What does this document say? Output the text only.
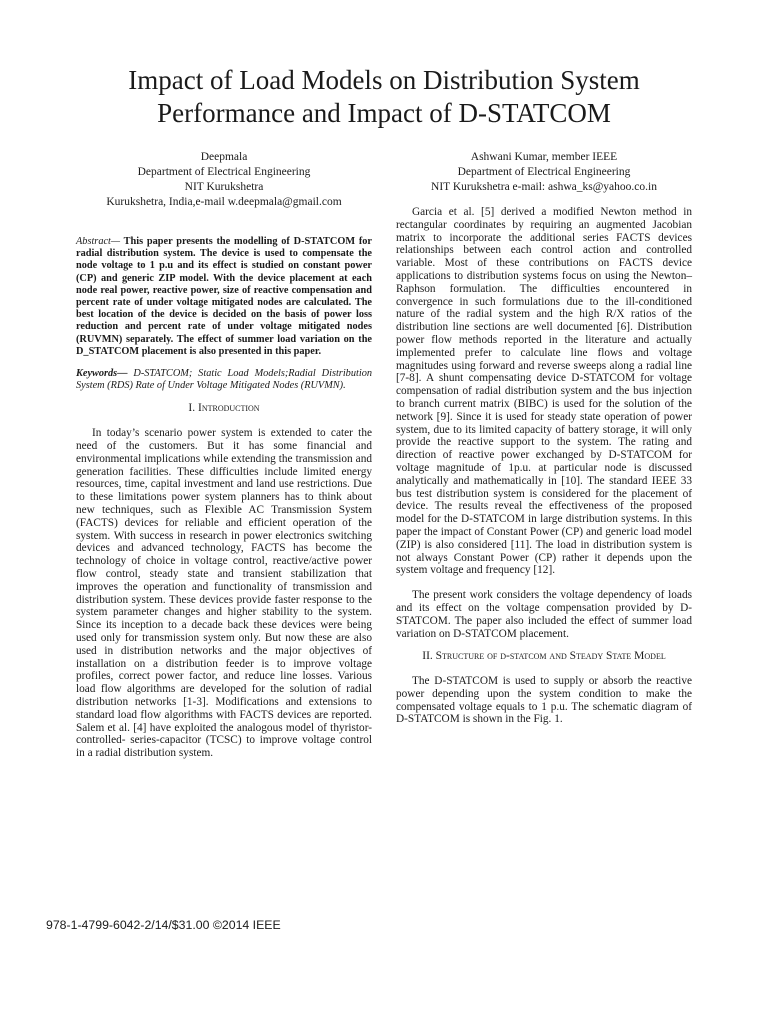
Impact of Load Models on Distribution System Performance and Impact of D-STATCOM
Deepmala
Department of Electrical Engineering
NIT Kurukshetra
Kurukshetra, India,e-mail w.deepmala@gmail.com
Ashwani Kumar, member IEEE
Department of Electrical Engineering
NIT Kurukshetra e-mail: ashwa_ks@yahoo.co.in

Abstract— This paper presents the modelling of D-STATCOM for radial distribution system. The device is used to compensate the node voltage to 1 p.u and its effect is studied on constant power (CP) and generic ZIP model. With the device placement at each node real power, reactive power, size of reactive compensation and percent rate of under voltage mitigated nodes are calculated. The best location of the device is decided on the basis of power loss reduction and percent rate of under voltage mitigated nodes (RUVMN) separately. The effect of summer load variation on the D_STATCOM placement is also presented in this paper.

Keywords— D-STATCOM; Static Load Models;Radial Distribution System (RDS) Rate of Under Voltage Mitigated Nodes (RUVMN).

I. Introduction

In today’s scenario power system is extended to cater the need of the customers. But it has some financial and environmental implications while extending the transmission and generation facilities. These difficulties include limited energy resources, time, capital investment and land use restrictions. Due to these limitations power system planners has to think about new techniques, such as Flexible AC Transmission System (FACTS) devices for reliable and efficient operation of the system. With success in research in power electronics switching devices and advanced technology, FACTS has become the technology of choice in voltage control, reactive/active power flow control, steady state and transient stabilization that improves the operation and functionality of transmission and distribution system. These devices provide faster response to the system parameter changes and higher stability to the system. Since its inception to a decade back these devices were being used only for transmission system only. But now these are also used in distribution networks and the major objectives of installation on a distribution feeder is to improve voltage profiles, correct power factor, and reduce line losses. Various load flow algorithms are developed for the solution of radial distribution networks [1-3]. Modifications and extensions to standard load flow algorithms with FACTS devices are reported. Salem et al. [4] have exploited the analogous model of thyristor-controlled- series-capacitor (TCSC) to improve voltage control in a radial distribution system.

Garcia et al. [5] derived a modified Newton method in rectangular coordinates by requiring an augmented Jacobian matrix to incorporate the additional series FACTS devices relationships between each control action and controlled variable. Most of these contributions on FACTS device applications to distribution systems focus on using the Newton–Raphson formulation. The difficulties encountered in convergence in such formulations due to the ill-conditioned nature of the radial system and the high R/X ratios of the distribution line sections are well documented [6]. Distribution power flow methods reported in the literature and actually implemented prefer to calculate line flows and voltage magnitudes using forward and reverse sweeps along a radial line [7-8]. A shunt compensating device D-STATCOM for voltage compensation of radial distribution system and the bus injection to branch current matrix (BIBC) is used for the solution of the network [9]. Since it is used for steady state operation of power system, due to its limited capacity of battery storage, it will only provide the reactive support to the system. The rating and direction of reactive power exchanged by D-STATCOM for voltage magnitude of 1p.u. at particular node is discussed analytically and mathematically in [10]. The standard IEEE 33 bus test distribution system is considered for the placement of device. The results reveal the effectiveness of the proposed model for the D-STATCOM in large distribution systems. In this paper the impact of Constant Power (CP) and generic load model (ZIP) is also considered [11]. The load in distribution system is not always Constant Power (CP) rather it depends upon the system voltage and frequency [12].

The present work considers the voltage dependency of loads and its effect on the voltage compensation provided by D-STATCOM. The paper also included the effect of summer load variation on D-STATCOM placement.

II. Structure of d-statcom and Steady State Model

The D-STATCOM is used to supply or absorb the reactive power depending upon the system condition to make the compensated voltage equals to 1 p.u. The schematic diagram of D-STATCOM is shown in the Fig. 1.

978-1-4799-6042-2/14/$31.00 ©2014 IEEE
